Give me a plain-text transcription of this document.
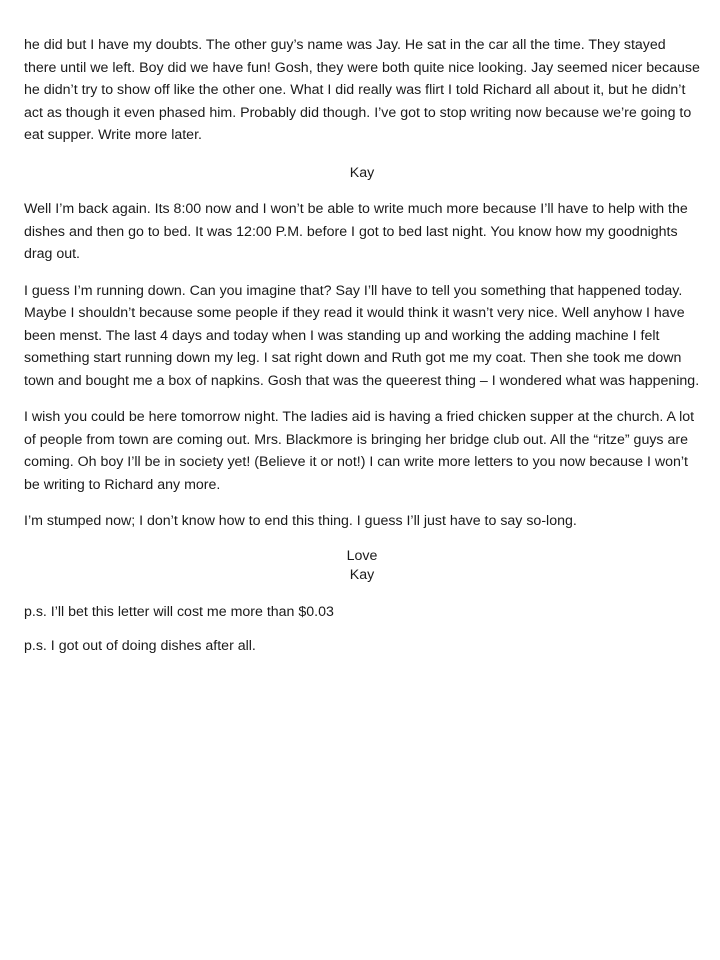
he did but I have my doubts. The other guy’s name was Jay. He sat in the car all the time. They stayed there until we left. Boy did we have fun! Gosh, they were both quite nice looking. Jay seemed nicer because he didn’t try to show off like the other one. What I did really was flirt I told Richard all about it, but he didn’t act as though it even phased him. Probably did though. I’ve got to stop writing now because we’re going to eat supper. Write more later.

Kay

Well I’m back again. Its 8:00 now and I won’t be able to write much more because I’ll have to help with the dishes and then go to bed. It was 12:00 P.M. before I got to bed last night. You know how my goodnights drag out.

I guess I’m running down. Can you imagine that? Say I’ll have to tell you something that happened today. Maybe I shouldn’t because some people if they read it would think it wasn’t very nice. Well anyhow I have been menst. The last 4 days and today when I was standing up and working the adding machine I felt something start running down my leg. I sat right down and Ruth got me my coat. Then she took me down town and bought me a box of napkins. Gosh that was the queerest thing – I wondered what was happening.

I wish you could be here tomorrow night. The ladies aid is having a fried chicken supper at the church. A lot of people from town are coming out. Mrs. Blackmore is bringing her bridge club out. All the “ritze” guys are coming. Oh boy I’ll be in society yet! (Believe it or not!) I can write more letters to you now because I won’t be writing to Richard any more.

I’m stumped now; I don’t know how to end this thing. I guess I’ll just have to say so-long.

Love
Kay

p.s. I’ll bet this letter will cost me more than $0.03

p.s. I got out of doing dishes after all.
